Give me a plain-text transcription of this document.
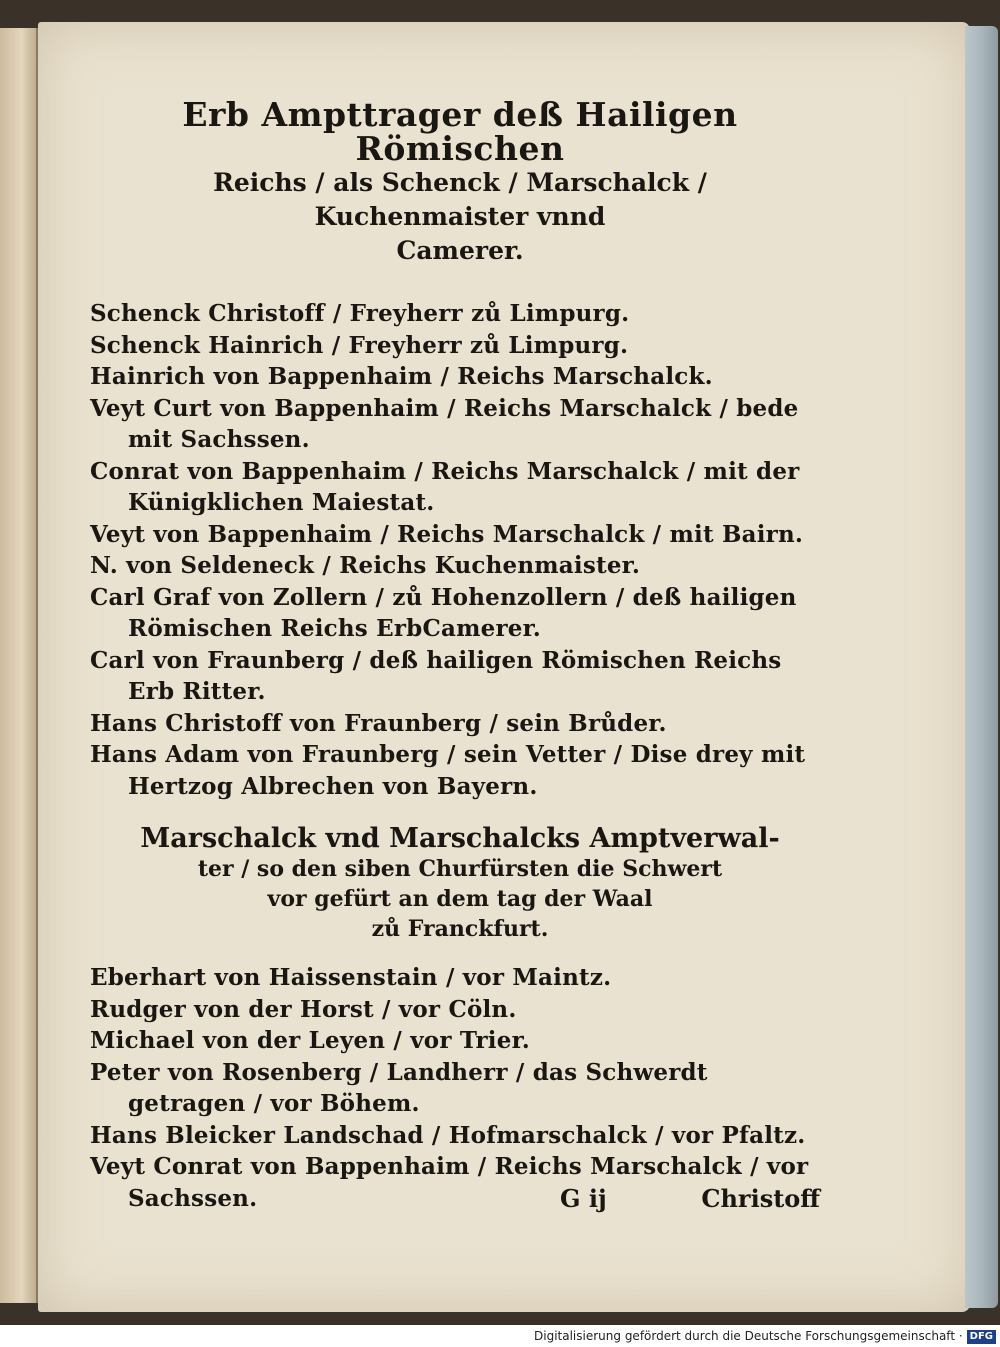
Erb Ampttrager deß Hailigen Römischen
Reichs / als Schenck / Marschalck /
Kuchenmaister vnnd
Camerer.
Schenck Christoff / Freyherr zů Limpurg.
Schenck Hainrich / Freyherr zů Limpurg.
Hainrich von Bappenhaim / Reichs Marschalck.
Veyt Curt von Bappenhaim / Reichs Marschalck / bede mit Sachssen.
Conrat von Bappenhaim / Reichs Marschalck / mit der Künigklichen Maiestat.
Veyt von Bappenhaim / Reichs Marschalck / mit Bairn.
N. von Seldeneck / Reichs Kuchenmaister.
Carl Graf von Zollern / zů Hohenzollern / deß hailigen Römischen Reichs ErbCamerer.
Carl von Fraunberg / deß hailigen Römischen Reichs Erb Ritter.
Hans Christoff von Fraunberg / sein Brůder.
Hans Adam von Fraunberg / sein Vetter / Dise drey mit Hertzog Albrechen von Bayern.
Marschalck vnd Marschalcks Amptverwal-
ter / so den siben Churfürsten die Schwert
vor gefürt an dem tag der Waal
zů Franckfurt.
Eberhart von Haissenstain / vor Maintz.
Rudger von der Horst / vor Cöln.
Michael von der Leyen / vor Trier.
Peter von Rosenberg / Landherr / das Schwerdt getragen / vor Böhem.
Hans Bleicker Landschad / Hofmarschalck / vor Pfaltz.
Veyt Conrat von Bappenhaim / Reichs Marschalck / vor Sachssen.	G ij	Christoff
Digitalisierung gefördert durch die Deutsche Forschungsgemeinschaft · DFG
